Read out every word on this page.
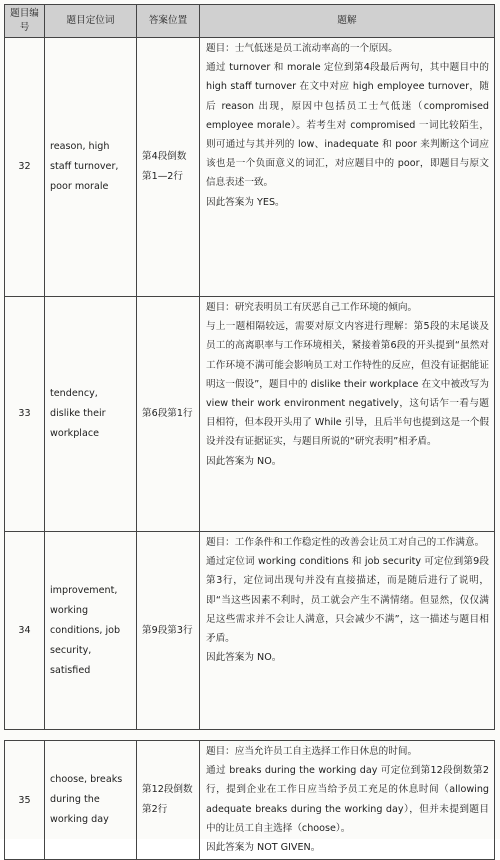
题目编号	题目定位词	答案位置	题解
32	reason, high staff turnover, poor morale	第4段倒数第1—2行	题目：士气低迷是员工流动率高的一个原因。

通过 turnover 和 morale 定位到第4段最后两句，其中题目中的 high staff turnover 在文中对应 high employee turnover，随后 reason 出现，原因中包括员工士气低迷（compromised employee morale）。若考生对 compromised 一词比较陌生，则可通过与其并列的 low、inadequate 和 poor 来判断这个词应该也是一个负面意义的词汇，对应题目中的 poor，即题目与原文信息表述一致。

因此答案为 YES。

33	tendency, dislike their workplace	第6段第1行	题目：研究表明员工有厌恶自己工作环境的倾向。

与上一题相隔较远，需要对原文内容进行理解：第5段的末尾谈及员工的高离职率与工作环境相关，紧接着第6段的开头提到“虽然对工作环境不满可能会影响员工对工作特性的反应，但没有证据能证明这一假设”，题目中的 dislike their workplace 在文中被改写为 view their work environment negatively，这句话乍一看与题目相符，但本段开头用了 While 引导，且后半句也提到这是一个假设并没有证据证实，与题目所说的“研究表明”相矛盾。

因此答案为 NO。

34	improvement, working conditions, job security, satisfied	第9段第3行	题目：工作条件和工作稳定性的改善会让员工对自己的工作满意。

通过定位词 working conditions 和 job security 可定位到第9段第3行，定位词出现句并没有直接描述，而是随后进行了说明，即“当这些因素不利时，员工就会产生不满情绪。但显然，仅仅满足这些需求并不会让人满意，只会减少不满”，这一描述与题目相矛盾。

因此答案为 NO。

35	choose, breaks during the working day	第12段倒数第2行	

题目：应当允许员工自主选择工作日休息的时间。

通过 breaks during the working day 可定位到第12段倒数第2行，提到企业在工作日应当给予员工充足的休息时间（allowing adequate breaks during the working day），但并未提到题目中的让员工自主选择（choose）。

因此答案为 NOT GIVEN。
